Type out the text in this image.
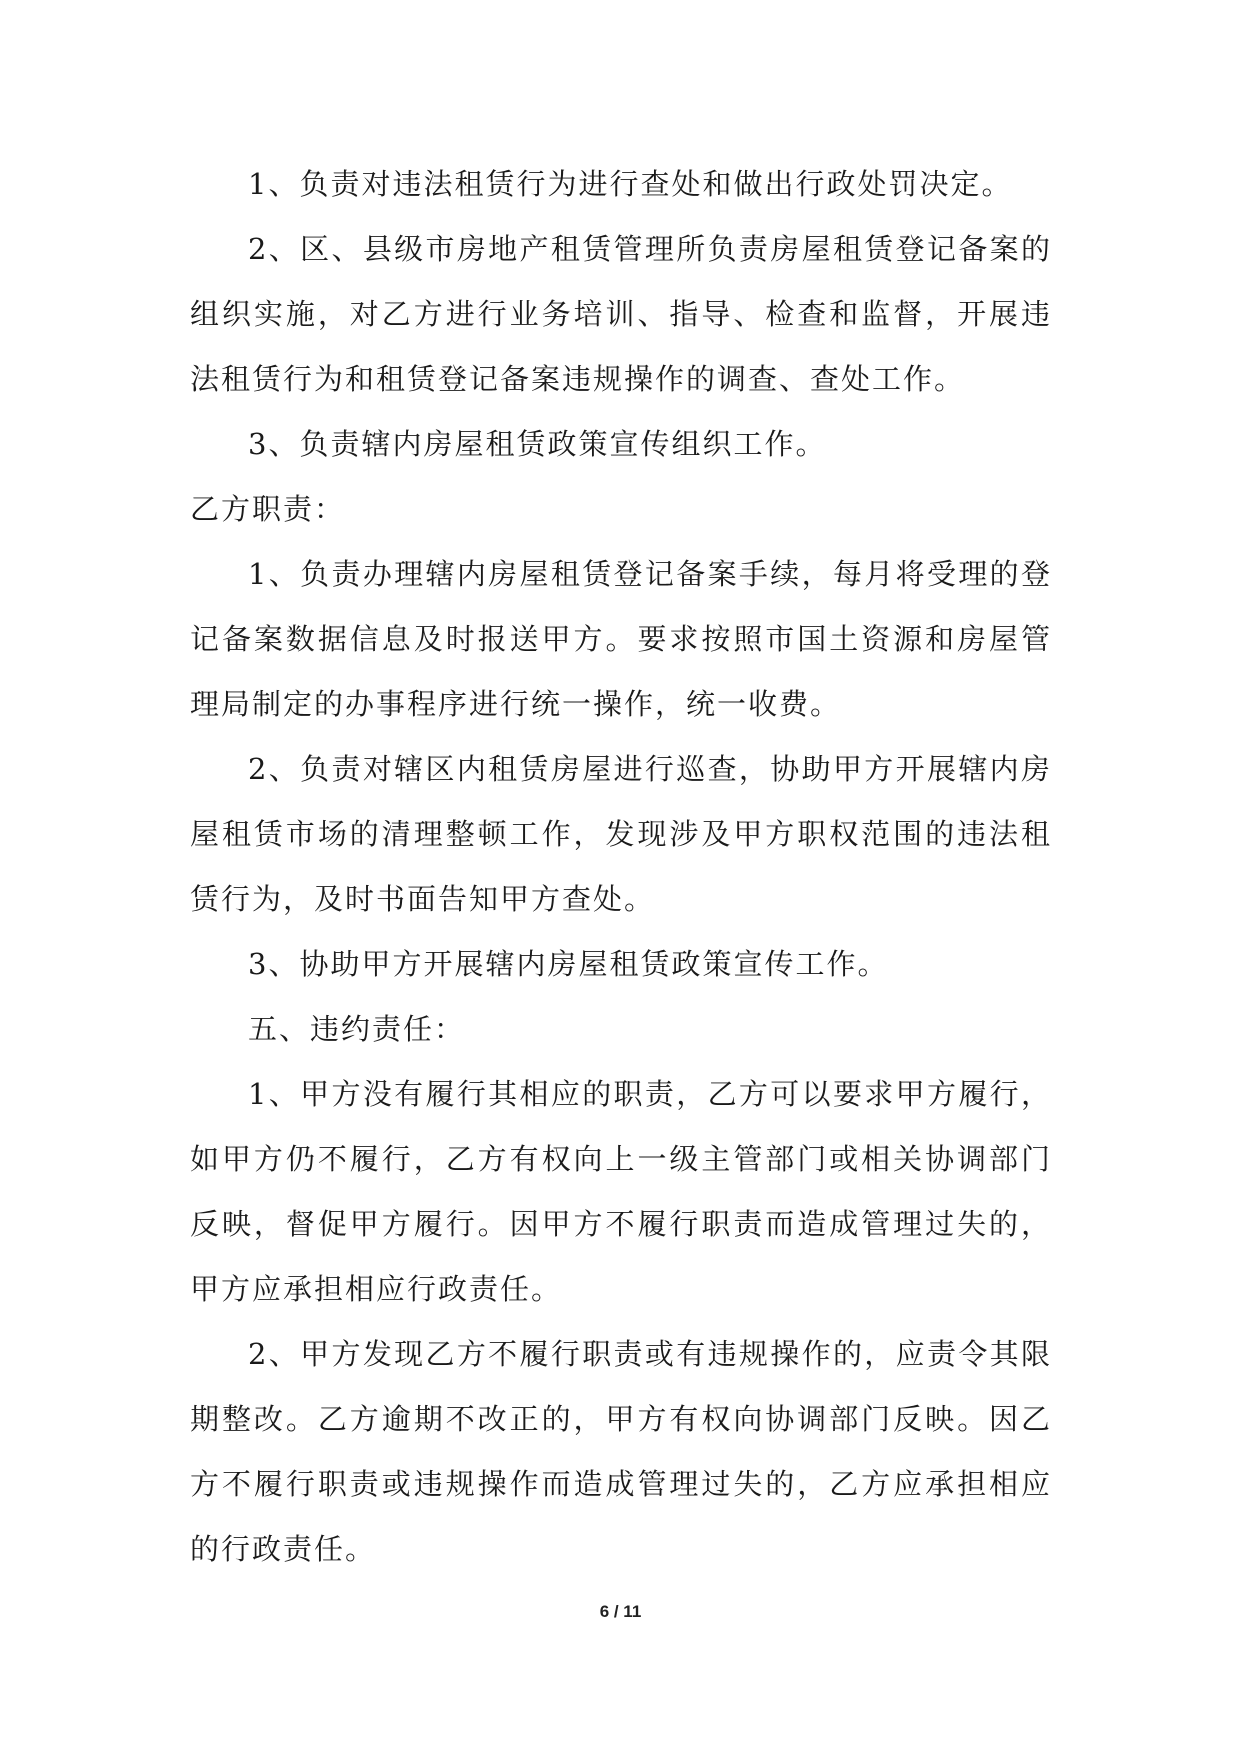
1、负责对违法租赁行为进行查处和做出行政处罚决定。

2、区、县级市房地产租赁管理所负责房屋租赁登记备案的组织实施，对乙方进行业务培训、指导、检查和监督，开展违法租赁行为和租赁登记备案违规操作的调查、查处工作。

3、负责辖内房屋租赁政策宣传组织工作。

乙方职责：

1、负责办理辖内房屋租赁登记备案手续，每月将受理的登记备案数据信息及时报送甲方。要求按照市国土资源和房屋管理局制定的办事程序进行统一操作，统一收费。

2、负责对辖区内租赁房屋进行巡查，协助甲方开展辖内房屋租赁市场的清理整顿工作，发现涉及甲方职权范围的违法租赁行为，及时书面告知甲方查处。

3、协助甲方开展辖内房屋租赁政策宣传工作。

五、违约责任：

1、甲方没有履行其相应的职责，乙方可以要求甲方履行，如甲方仍不履行，乙方有权向上一级主管部门或相关协调部门反映，督促甲方履行。因甲方不履行职责而造成管理过失的，甲方应承担相应行政责任。

2、甲方发现乙方不履行职责或有违规操作的，应责令其限期整改。乙方逾期不改正的，甲方有权向协调部门反映。因乙方不履行职责或违规操作而造成管理过失的，乙方应承担相应的行政责任。

6 / 11
